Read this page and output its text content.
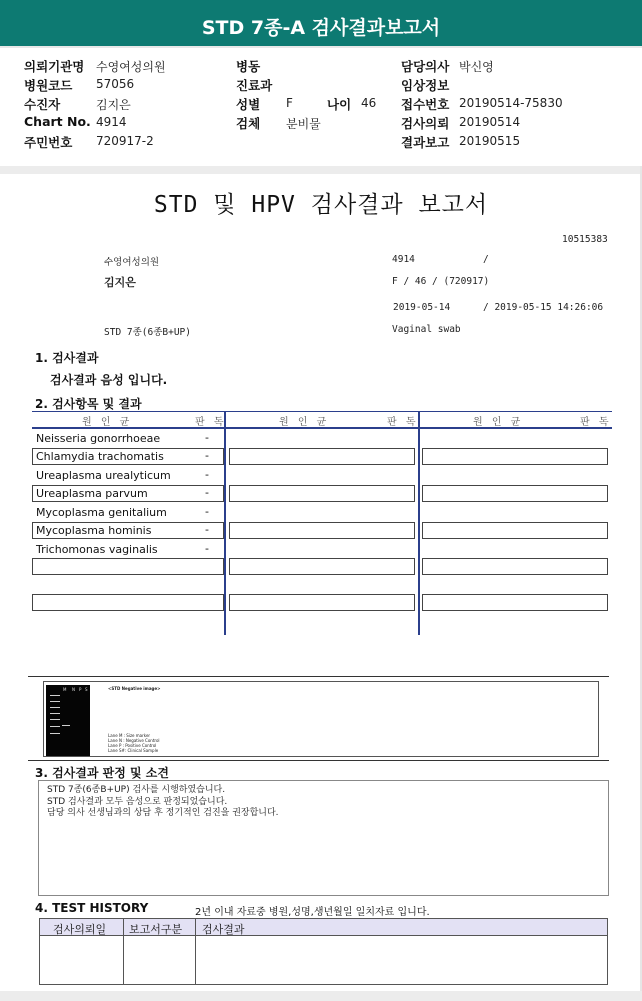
STD 7종-A 검사결과보고서
의뢰기관명 수영여성의원
병원코드 57056
수진자	김지은
Chart No. 4914
주민번호 720917-2
병동
진료과
성별 F	나이 46
검체 분비물
담당의사 박신영
임상정보
접수번호 20190514-75830
검사의뢰 20190514
결과보고 20190515
STD 및 HPV 검사결과 보고서
10515383
수영여성의원	4914	/
김지은	F / 46 / (720917)
2019-05-14	/ 2019-05-15 14:26:06
STD 7종(6종B+UP)	Vaginal swab
1. 검사결과
검사결과 음성 입니다.
2. 검사항목 및 결과
원 인 균	판 독	원 인 균	판 독	원 인 균	판 독
Neisseria gonorrhoeae	-
Chlamydia trachomatis	-
Ureaplasma urealyticum	-
Ureaplasma parvum	-
Mycoplasma genitalium	-
Mycoplasma hominis	-
Trichomonas vaginalis	-
M N P S	<STD Negative image>
Lane M : Size marker
Lane N : Negative Control
Lane P : Positive Control
Lane S#: Clinical Sample
3. 검사결과 판정 및 소견
STD 7종(6종B+UP) 검사를 시행하였습니다.
STD 검사결과 모두 음성으로 판정되었습니다.
담당 의사 선생님과의 상담 후 정기적인 검진을 권장합니다.
4. TEST HISTORY	2년 이내 자료중 병원,성명,생년월일 일치자료 입니다.
검사의뢰일 보고서구분 검사결과
